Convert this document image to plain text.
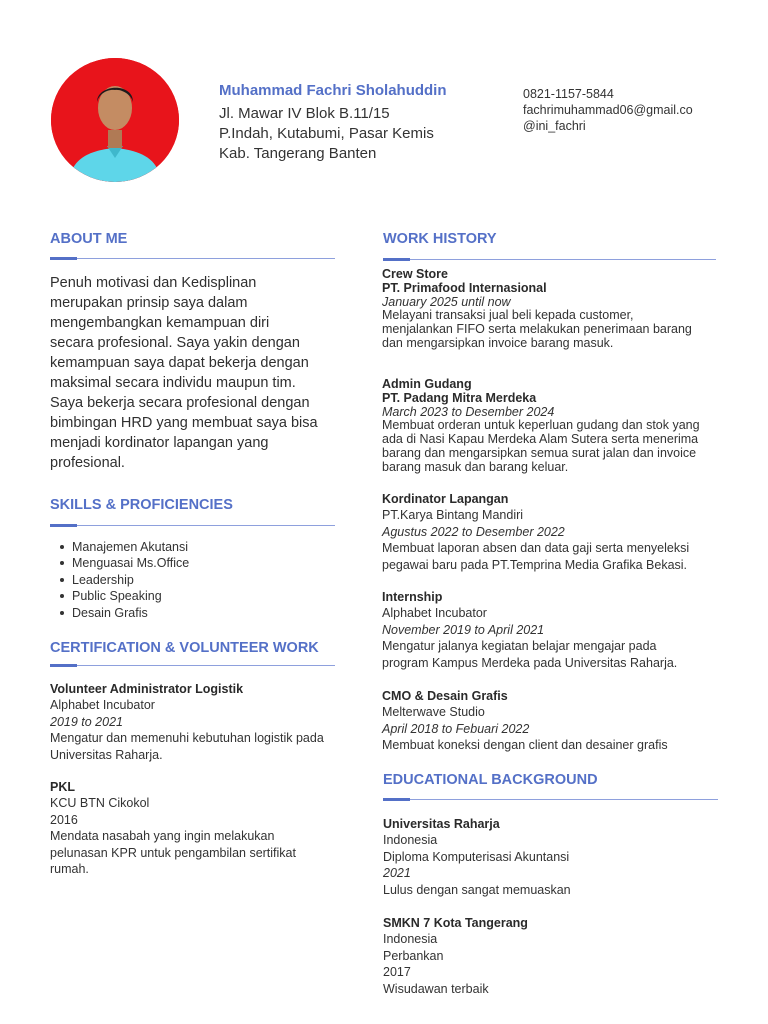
Muhammad Fachri Sholahuddin
Jl. Mawar IV Blok B.11/15
P.Indah, Kutabumi, Pasar Kemis
Kab. Tangerang Banten
0821-1157-5844
fachrimuhammad06@gmail.co
@ini_fachri
ABOUT ME
Penuh motivasi dan Kedisplinan
merupakan prinsip saya dalam
mengembangkan kemampuan diri
secara profesional. Saya yakin dengan
kemampuan saya dapat bekerja dengan
maksimal secara individu maupun tim.
Saya bekerja secara profesional dengan
bimbingan HRD yang membuat saya bisa
menjadi kordinator lapangan yang
profesional.
SKILLS & PROFICIENCIES
Manajemen Akutansi
Menguasai Ms.Office
Leadership
Public Speaking
Desain Grafis
CERTIFICATION & VOLUNTEER WORK
Volunteer Administrator Logistik
Alphabet Incubator
2019 to 2021
Mengatur dan memenuhi kebutuhan logistik pada
Universitas Raharja.
PKL
KCU BTN Cikokol
2016
Mendata nasabah yang ingin melakukan
pelunasan KPR untuk pengambilan sertifikat
rumah.
WORK HISTORY
Crew Store
PT. Primafood Internasional
January 2025 until now
Melayani transaksi jual beli kepada customer,
menjalankan FIFO serta melakukan penerimaan barang
dan mengarsipkan invoice barang masuk.
Admin Gudang
PT. Padang Mitra Merdeka
March 2023 to Desember 2024
Membuat orderan untuk keperluan gudang dan stok yang
ada di Nasi Kapau Merdeka Alam Sutera serta menerima
barang dan mengarsipkan semua surat jalan dan invoice
barang masuk dan barang keluar.
Kordinator Lapangan
PT.Karya Bintang Mandiri
Agustus 2022 to Desember 2022
Membuat laporan absen dan data gaji serta menyeleksi
pegawai baru pada PT.Temprina Media Grafika Bekasi.
Internship
Alphabet Incubator
November 2019 to April 2021
Mengatur jalanya kegiatan belajar mengajar pada
program Kampus Merdeka pada Universitas Raharja.
CMO & Desain Grafis
Melterwave Studio
April 2018 to Febuari 2022
Membuat koneksi dengan client dan desainer grafis
EDUCATIONAL BACKGROUND
Universitas Raharja
Indonesia
Diploma Komputerisasi Akuntansi
2021
Lulus dengan sangat memuaskan
SMKN 7 Kota Tangerang
Indonesia
Perbankan
2017
Wisudawan terbaik
